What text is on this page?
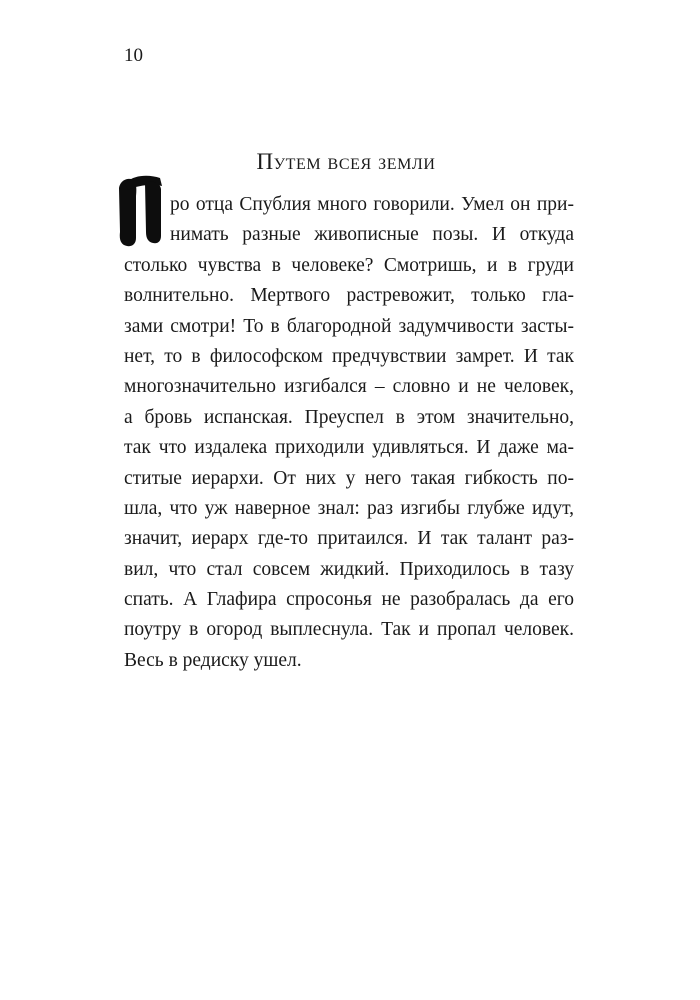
10
Путем всея земли
ро отца Спублия много говорили. Умел он при-
нимать разные живописные позы. И откуда
столько чувства в человеке? Смотришь, и в груди
волнительно. Мертвого растревожит, только гла-
зами смотри! То в благородной задумчивости засты-
нет, то в философском предчувствии замрет. И так
многозначительно изгибался – словно и не человек,
а бровь испанская. Преуспел в этом значительно,
так что издалека приходили удивляться. И даже ма-
ститые иерархи. От них у него такая гибкость по-
шла, что уж наверное знал: раз изгибы глубже идут,
значит, иерарх где-то притаился. И так талант раз-
вил, что стал совсем жидкий. Приходилось в тазу
спать. А Глафира спросонья не разобралась да его
поутру в огород выплеснула. Так и пропал человек.
Весь в редиску ушел.
